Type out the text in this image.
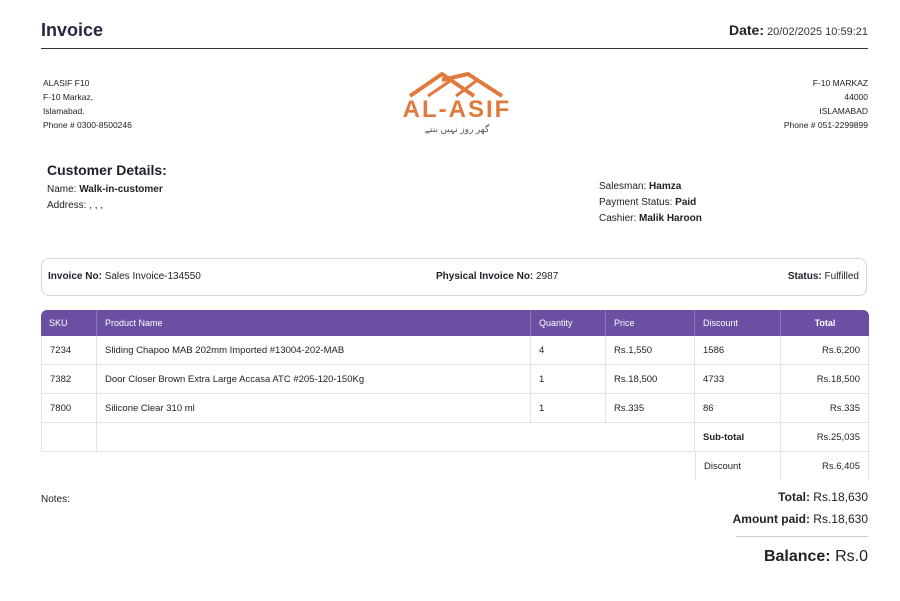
Invoice	Date: 20/02/2025 10:59:21
ALASIF F10
F-10 Markaz,
Islamabad.
Phone # 0300-8500246
AL-ASIF
گھر روز نہیں بنتے
F-10 MARKAZ
44000
ISLAMABAD
Phone # 051-2299899
Customer Details:
Name: Walk-in-customer
Address: , , ,
Salesman: Hamza
Payment Status: Paid
Cashier: Malik Haroon
Invoice No: Sales Invoice-134550	Physical Invoice No: 2987	Status: Fulfilled
SKU	Product Name	Quantity	Price	Discount	Total
7234	Sliding Chapoo MAB 202mm Imported #13004-202-MAB	4	Rs.1,550	1586	Rs.6,200
7382	Door Closer Brown Extra Large Accasa ATC #205-120-150Kg	1	Rs.18,500	4733	Rs.18,500
7800	Silicone Clear 310 ml	1	Rs.335	86	Rs.335
				Sub-total	Rs.25,035
				Discount	Rs.6,405
Notes:	Total: Rs.18,630
Amount paid: Rs.18,630
Balance: Rs.0
